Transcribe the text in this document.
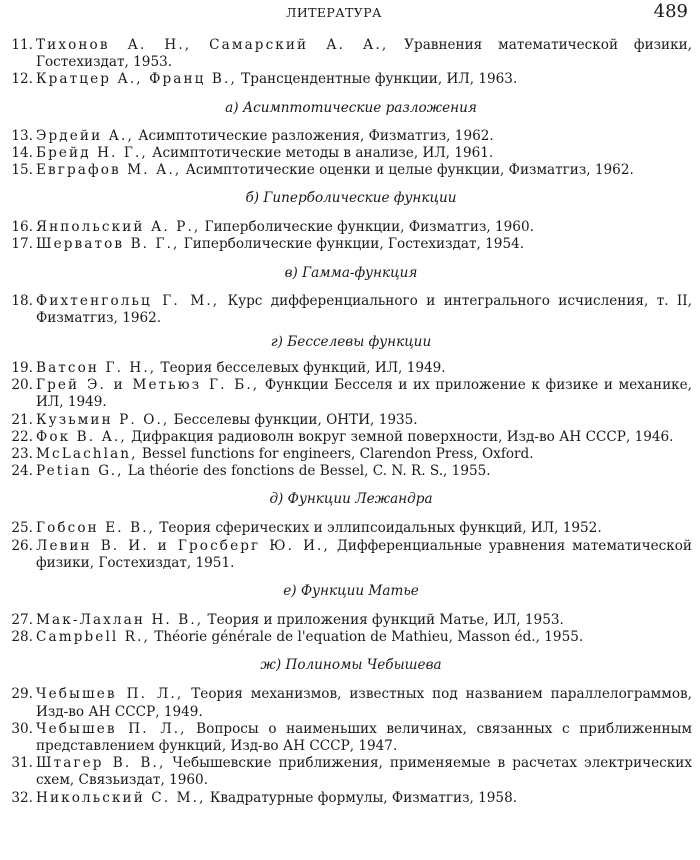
ЛИТЕРАТУРА	489
11. Тихонов А. Н., Самарский А. А., Уравнения математической физики, Гостехиздат, 1953.
12. Кратцер А., Франц В., Трансцендентные функции, ИЛ, 1963.
а) Асимптотические разложения
13. Эрдейи А., Асимптотические разложения, Физматгиз, 1962.
14. Брейд Н. Г., Асимптотические методы в анализе, ИЛ, 1961.
15. Евграфов М. А., Асимптотические оценки и целые функции, Физматгиз, 1962.
б) Гиперболические функции
16. Янпольский А. Р., Гиперболические функции, Физматгиз, 1960.
17. Шерватов В. Г., Гиперболические функции, Гостехиздат, 1954.
в) Гамма-функция
18. Фихтенгольц Г. М., Курс дифференциального и интегрального исчисления, т. II, Физматгиз, 1962.
г) Бесселевы функции
19. Ватсон Г. Н., Теория бесселевых функций, ИЛ, 1949.
20. Грей Э. и Метьюз Г. Б., Функции Бесселя и их приложение к физике и механике, ИЛ, 1949.
21. Кузьмин Р. О., Бесселевы функции, ОНТИ, 1935.
22. Фок В. А., Дифракция радиоволн вокруг земной поверхности, Изд-во АН СССР, 1946.
23. McLachlan, Bessel functions for engineers, Clarendon Press, Oxford.
24. Petian G., La théorie des fonctions de Bessel, C. N. R. S., 1955.
д) Функции Лежандра
25. Гобсон Е. В., Теория сферических и эллипсоидальных функций, ИЛ, 1952.
26. Левин В. И. и Гросберг Ю. И., Дифференциальные уравнения математической физики, Гостехиздат, 1951.
е) Функции Матье
27. Мак-Лахлан Н. В., Теория и приложения функций Матье, ИЛ, 1953.
28. Campbell R., Théorie générale de l'equation de Mathieu, Masson éd., 1955.
ж) Полиномы Чебышева
29. Чебышев П. Л., Теория механизмов, известных под названием параллелограммов, Изд-во АН СССР, 1949.
30. Чебышев П. Л., Вопросы о наименьших величинах, связанных с приближенным представлением функций, Изд-во АН СССР, 1947.
31. Штагер В. В., Чебышевские приближения, применяемые в расчетах электрических схем, Связьиздат, 1960.
32. Никольский С. М., Квадратурные формулы, Физматгиз, 1958.
